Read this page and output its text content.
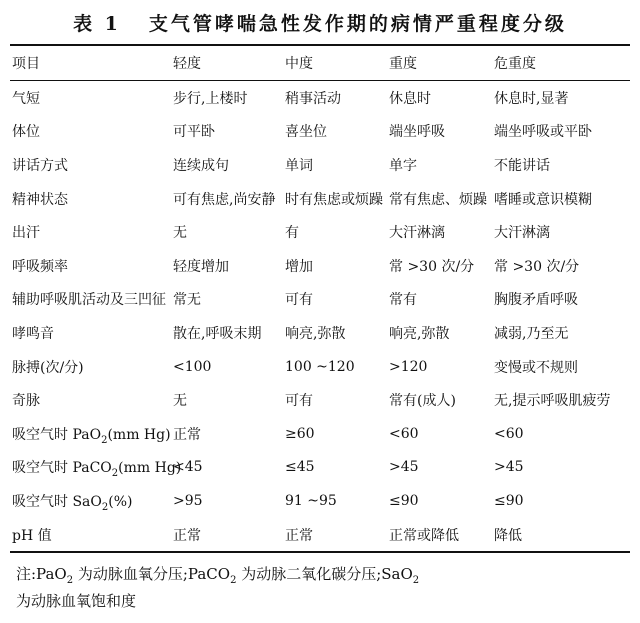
表 1 支气管哮喘急性发作期的病情严重程度分级
项目	轻度	中度	重度	危重度
气短	步行,上楼时	稍事活动	休息时	休息时,显著
体位	可平卧	喜坐位	端坐呼吸	端坐呼吸或平卧
讲话方式	连续成句	单词	单字	不能讲话
精神状态	可有焦虑,尚安静	时有焦虑或烦躁	常有焦虑、烦躁	嗜睡或意识模糊
出汗	无	有	大汗淋漓	大汗淋漓
呼吸频率	轻度增加	增加	常 >30 次/分	常 >30 次/分
辅助呼吸肌活动及三凹征	常无	可有	常有	胸腹矛盾呼吸
哮鸣音	散在,呼吸末期	响亮,弥散	响亮,弥散	减弱,乃至无
脉搏(次/分)	<100	100 ~120	>120	变慢或不规则
奇脉	无	可有	常有(成人)	无,提示呼吸肌疲劳
吸空气时 PaO$_2$(mm Hg)	正常	≥60	<60	<60
吸空气时 PaCO$_2$(mm Hg)	<45	≤45	>45	>45
吸空气时 SaO$_2$(%)	>95	91 ~95	≤90	≤90
pH 值	正常	正常	正常或降低	降低
注:PaO$_2$ 为动脉血氧分压;PaCO$_2$ 为动脉二氧化碳分压;SaO$_2$
为动脉血氧饱和度
